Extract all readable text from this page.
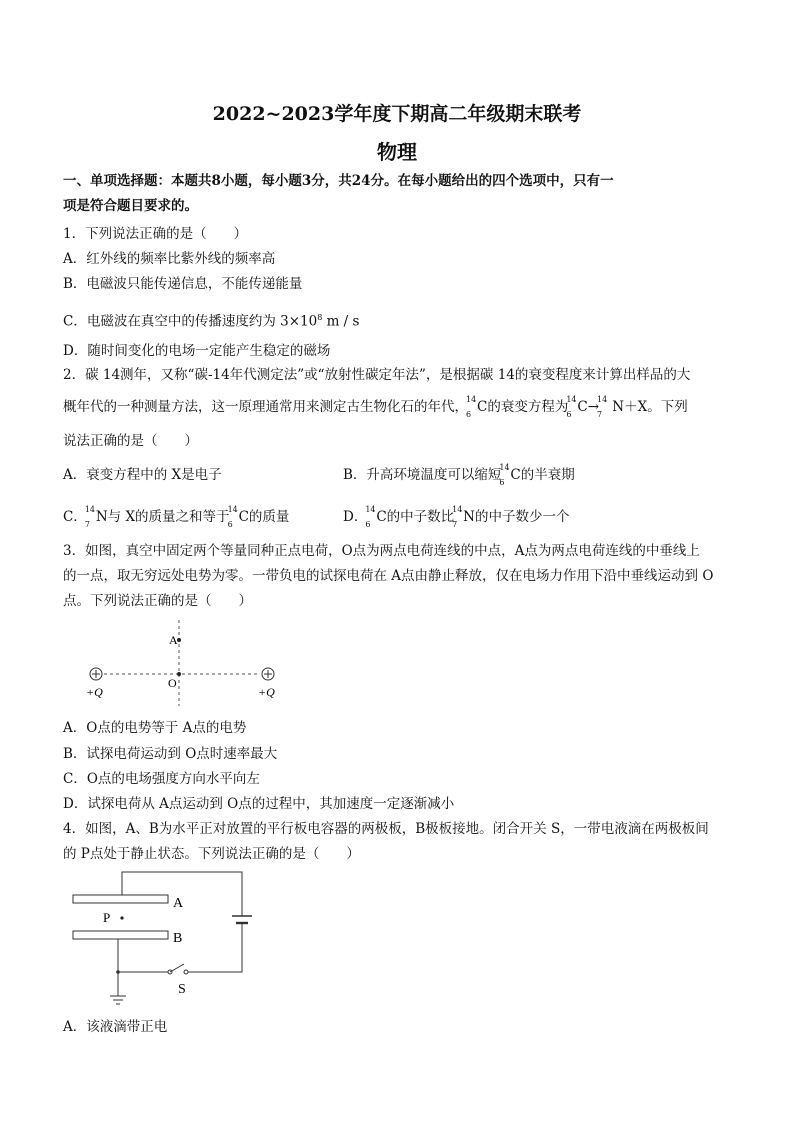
2022~2023学年度下期高二年级期末联考
物理
一、单项选择题：本题共8小题，每小题3分，共24分。在每小题给出的四个选项中，只有一
项是符合题目要求的。
1．下列说法正确的是（　　）
A．红外线的频率比紫外线的频率高
B．电磁波只能传递信息，不能传递能量
C．电磁波在真空中的传播速度约为 $3\times 10^8$ m / s
D．随时间变化的电场一定能产生稳定的磁场
2．碳 14测年，又称“碳-14年代测定法”或“放射性碳定年法”，是根据碳 14的衰变程度来计算出样品的大
概年代的一种测量方法，这一原理通常用来测定古生物化石的年代，
14
6 C的衰变方程为
14
6 C→
14
7 N＋X。下列
说法正确的是（　　）
A．衰变方程中的 X是电子	B．升高环境温度可以缩短
14
6 C的半衰期
C．
14
7 N与 X的质量之和等于
14
6 C的质量	D．
14
6 C的中子数比
14
7 N的中子数少一个
3．如图，真空中固定两个等量同种正点电荷，O点为两点电荷连线的中点，A点为两点电荷连线的中垂线上
的一点，取无穷远处电势为零。一带负电的试探电荷在 A点由静止释放，仅在电场力作用下沿中垂线运动到 O
点。下列说法正确的是（　　）
A
O
+Q	+Q
A．O点的电势等于 A点的电势
B．试探电荷运动到 O点时速率最大
C．O点的电场强度方向水平向左
D．试探电荷从 A点运动到 O点的过程中，其加速度一定逐渐减小
4．如图，A、B为水平正对放置的平行板电容器的两极板，B极板接地。闭合开关 S，一带电液滴在两极板间
的 P点处于静止状态。下列说法正确的是（　　）
P
A
B
S
A．该液滴带正电
